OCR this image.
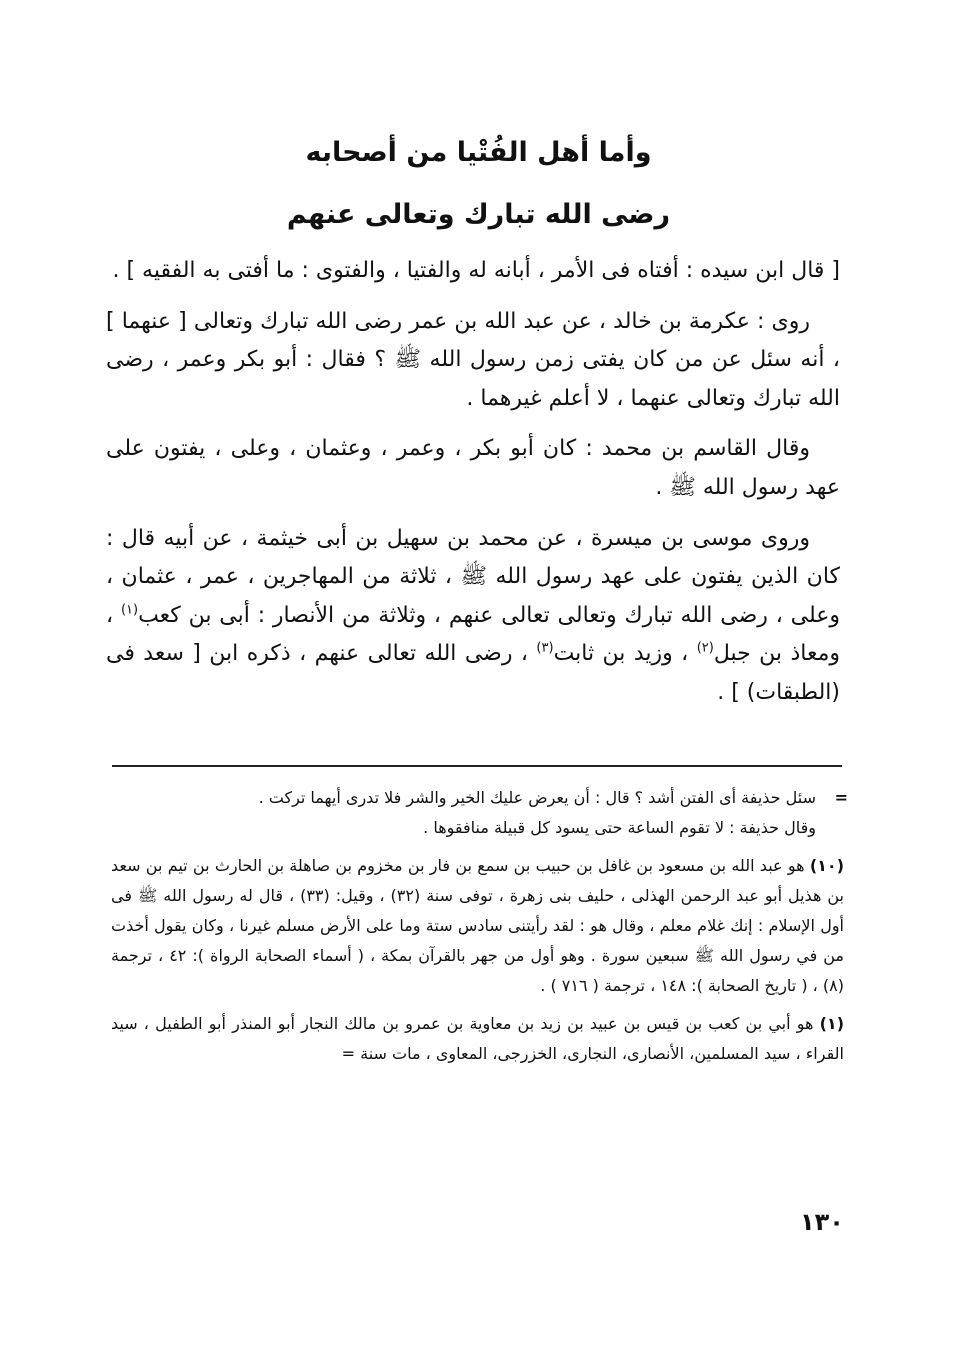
وأما أهل الفُتْيا من أصحابه
رضى الله تبارك وتعالى عنهم

[ قال ابن سيده : أفتاه فى الأمر ، أبانه له والفتيا ، والفتوى : ما أفتى به الفقيه ] .

روى : عكرمة بن خالد ، عن عبد الله بن عمر رضى الله تبارك وتعالى [ عنهما ] ، أنه سئل عن من كان يفتى زمن رسول الله ﷺ ؟ فقال : أبو بكر وعمر ، رضى الله تبارك وتعالى عنهما ، لا أعلم غيرهما .

وقال القاسم بن محمد : كان أبو بكر ، وعمر ، وعثمان ، وعلى ، يفتون على عهد رسول الله ﷺ .

وروى موسى بن ميسرة ، عن محمد بن سهيل بن أبى خيثمة ، عن أبيه قال : كان الذين يفتون على عهد رسول الله ﷺ ، ثلاثة من المهاجرين ، عمر ، عثمان ، وعلى ، رضى الله تبارك وتعالى تعالى عنهم ، وثلاثة من الأنصار : أبى بن كعب$^{(١)}$ ، ومعاذ بن جبل$^{(٢)}$ ، وزيد بن ثابت$^{(٣)}$ ، رضى الله تعالى عنهم ، ذكره ابن [ سعد فى (الطبقات) ] .

=
سئل حذيفة أى الفتن أشد ؟ قال : أن يعرض عليك الخير والشر فلا تدرى أيهما تركت .
وقال حذيفة : لا تقوم الساعة حتى يسود كل قبيلة منافقوها .

(١٠) هو عبد الله بن مسعود بن غافل بن حبيب بن سمع بن فار بن مخزوم بن صاهلة بن الحارث بن تيم بن سعد بن هذيل أبو عبد الرحمن الهذلى ، حليف بنى زهرة ، توفى سنة (٣٢) ، وقيل: (٣٣) ، قال له رسول الله ﷺ فى أول الإسلام : إنك غلام معلم ، وقال هو : لقد رأيتنى سادس ستة وما على الأرض مسلم غيرنا ، وكان يقول أخذت من في رسول الله ﷺ سبعين سورة . وهو أول من جهر بالقرآن بمكة ، ( أسماء الصحابة الرواة ): ٤٢ ، ترجمة (٨) ، ( تاريخ الصحابة ): ١٤٨ ، ترجمة ( ٧١٦ ) .

(١) هو أبي بن كعب بن قيس بن عبيد بن زيد بن معاوية بن عمرو بن مالك النجار أبو المنذر أبو الطفيل ، سيد القراء ، سيد المسلمين، الأنصارى، النجارى، الخزرجى، المعاوى ، مات سنة =

١٣٠
